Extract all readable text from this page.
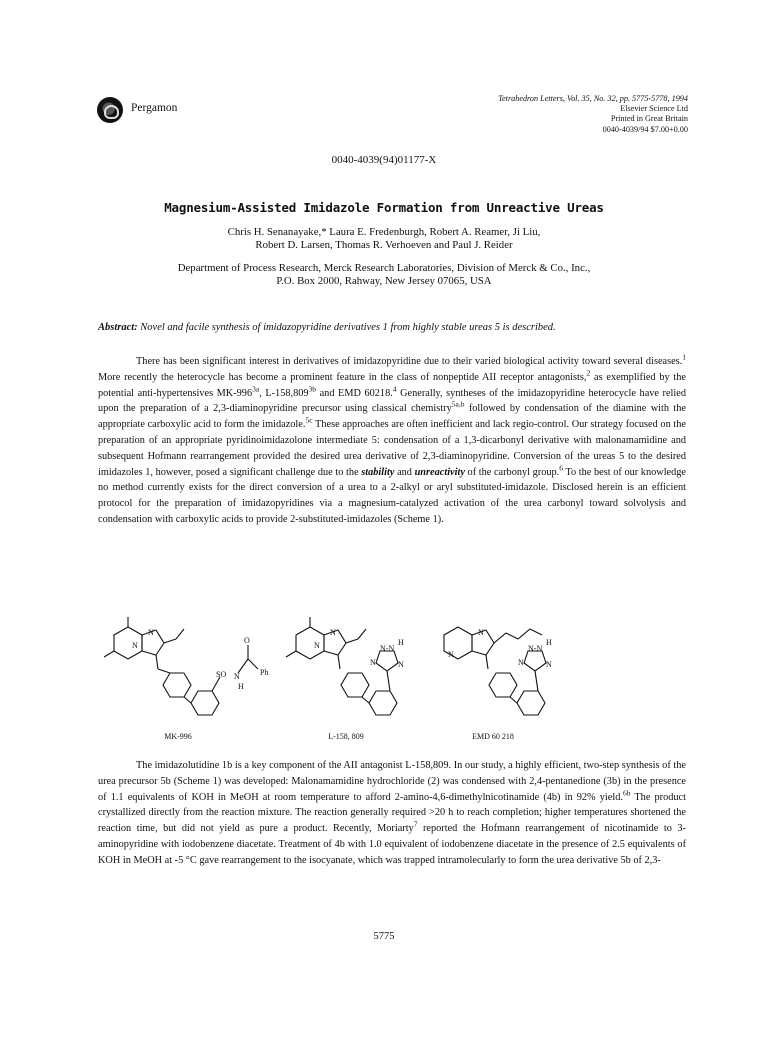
Pergamon
Tetrahedron Letters, Vol. 35, No. 32, pp. 5775-5778, 1994
Elsevier Science Ltd
Printed in Great Britain
0040-4039/94 $7.00+0.00
0040-4039(94)01177-X
Magnesium-Assisted Imidazole Formation from Unreactive Ureas
Chris H. Senanayake,* Laura E. Fredenburgh, Robert A. Reamer, Ji Liu,
Robert D. Larsen, Thomas R. Verhoeven and Paul J. Reider
Department of Process Research, Merck Research Laboratories, Division of Merck & Co., Inc.,
P.O. Box 2000, Rahway, New Jersey 07065, USA
Abstract: Novel and facile synthesis of imidazopyridine derivatives 1 from highly stable ureas 5 is described.

There has been significant interest in derivatives of imidazopyridine due to their varied biological activity toward several diseases.$^1$ More recently the heterocycle has become a prominent feature in the class of nonpeptide AII receptor antagonists,$^2$ as exemplified by the potential anti-hypertensives $MK-996^{3a}$, $L-158,809^{3b}$ and EMD 60218.$^4$ Generally, syntheses of the imidazopyridine heterocycle have relied upon the preparation of a 2,3-diaminopyridine precursor using classical chemistry$^{5a,b}$ followed by condensation of the diamine with the appropriate carboxylic acid to form the imidazole.$^{5c}$ These approaches are often inefficient and lack regio-control. Our strategy focused on the preparation of an appropriate pyridinoimidazolone intermediate 5: condensation of a 1,3-dicarbonyl derivative with malonamamidine and subsequent Hofmann rearrangement provided the desired urea derivative of 2,3-diaminopyridine. Conversion of the ureas 5 to the desired imidazoles 1, however, posed a significant challenge due to the stability and unreactivity of the carbonyl group.$^6$ To the best of our knowledge no method currently exists for the direct conversion of a urea to a 2-alkyl or aryl substituted-imidazole. Disclosed herein is an efficient protocol for the preparation of imidazopyridines via a magnesium-catalyzed activation of the urea carbonyl toward solvolysis and condensation with carboxylic acids to provide 2-substituted-imidazoles (Scheme 1).

N
N
O
SO N
H
Ph
N
N
N-N
H
N	N
N
N
N-N
H
N	N
MK-996	L-158, 809	EMD 60 218

The imidazolutidine 1b is a key component of the AII antagonist L-158,809. In our study, a highly efficient, two-step synthesis of the urea precursor 5b (Scheme 1) was developed: Malonamamidine hydrochloride (2) was condensed with 2,4-pentanedione (3b) in the presence of 1.1 equivalents of KOH in MeOH at room temperature to afford 2-amino-4,6-dimethylnicotinamide (4b) in 92% yield.$^{6b}$ The product crystallized directly from the reaction mixture. The reaction generally required >20 h to reach completion; higher temperatures shortened the reaction time, but did not yield as pure a product. Recently, Moriarty$^7$ reported the Hofmann rearrangement of nicotinamide to 3-aminopyridine with iodobenzene diacetate. Treatment of 4b with 1.0 equivalent of iodobenzene diacetate in the presence of 2.5 equivalents of KOH in MeOH at -5 °C gave rearrangement to the isocyanate, which was trapped intramolecularly to form the urea derivative 5b of 2,3-

5775
